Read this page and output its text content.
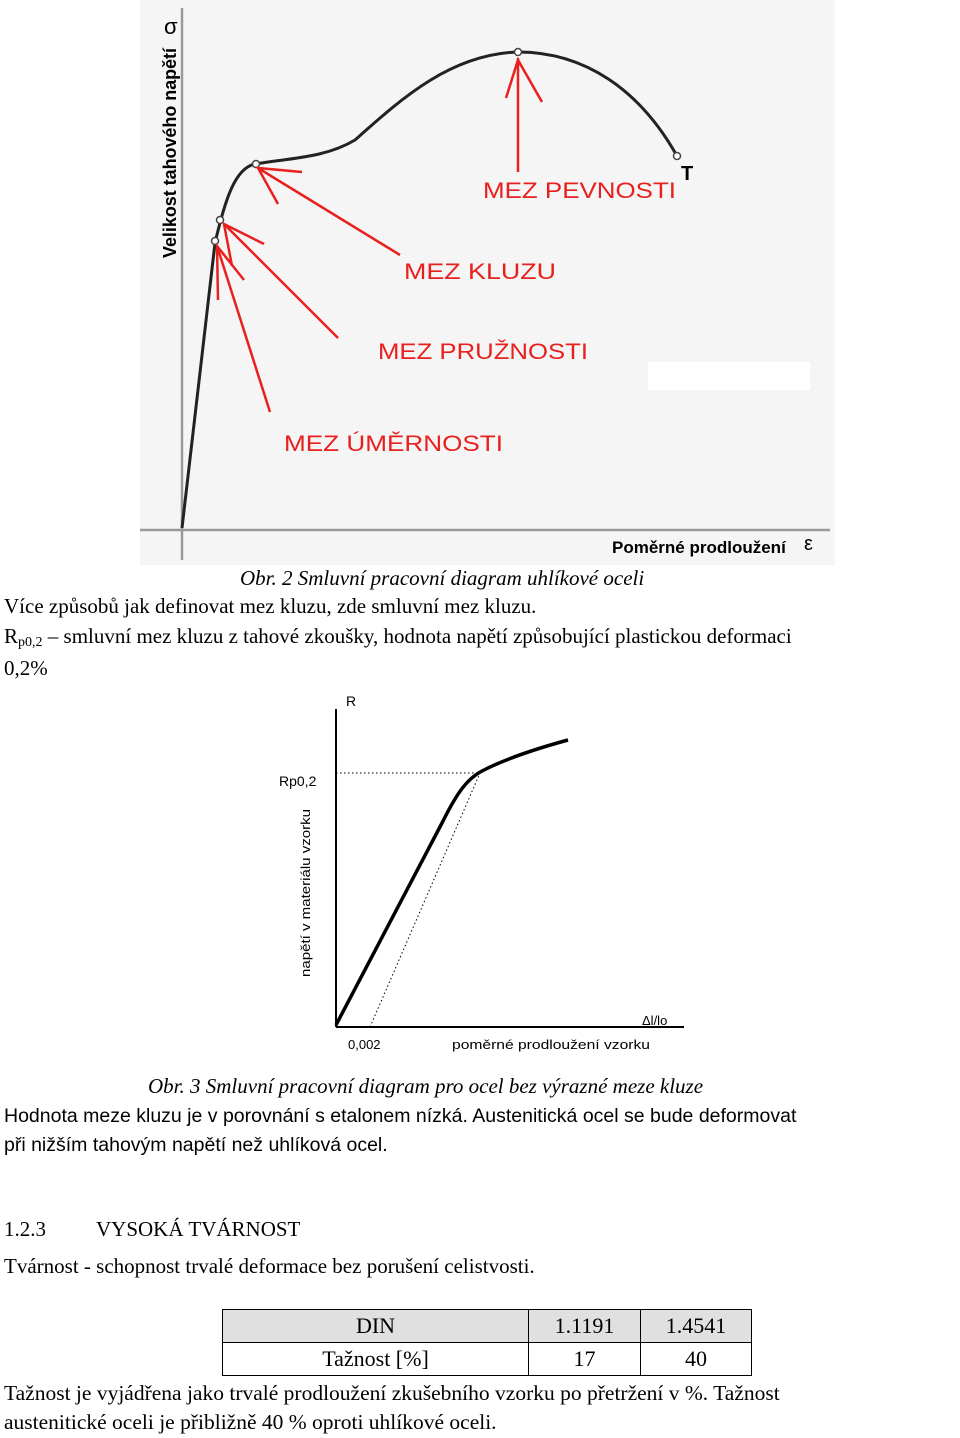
σ
Velikost tahového napětí
Poměrné prodloužení ε
T
MEZ PEVNOSTI
MEZ KLUZU
MEZ PRUŽNOSTI
MEZ ÚMĚRNOSTI
Obr. 2 Smluvní pracovní diagram uhlíkové oceli
Více způsobů jak definovat mez kluzu, zde smluvní mez kluzu.
$R_{p0,2}$ – smluvní mez kluzu z tahové zkoušky, hodnota napětí způsobující plastickou deformaci
0,2%
R
Rp0,2
napětí v materiálu vzorku
Δl/lo
0,002	poměrné prodloužení vzorku
Obr. 3 Smluvní pracovní diagram pro ocel bez výrazné meze kluze
Hodnota meze kluzu je v porovnání s etalonem nízká. Austenitická ocel se bude deformovat
při nižším tahovým napětí než uhlíková ocel.
1.2.3 VYSOKÁ TVÁRNOST
Tvárnost - schopnost trvalé deformace bez porušení celistvosti.
DIN	1.1191	1.4541
Tažnost [%]	17	40
Tažnost je vyjádřena jako trvalé prodloužení zkušebního vzorku po přetržení v %. Tažnost
austenitické oceli je přibližně 40 % oproti uhlíkové oceli.
